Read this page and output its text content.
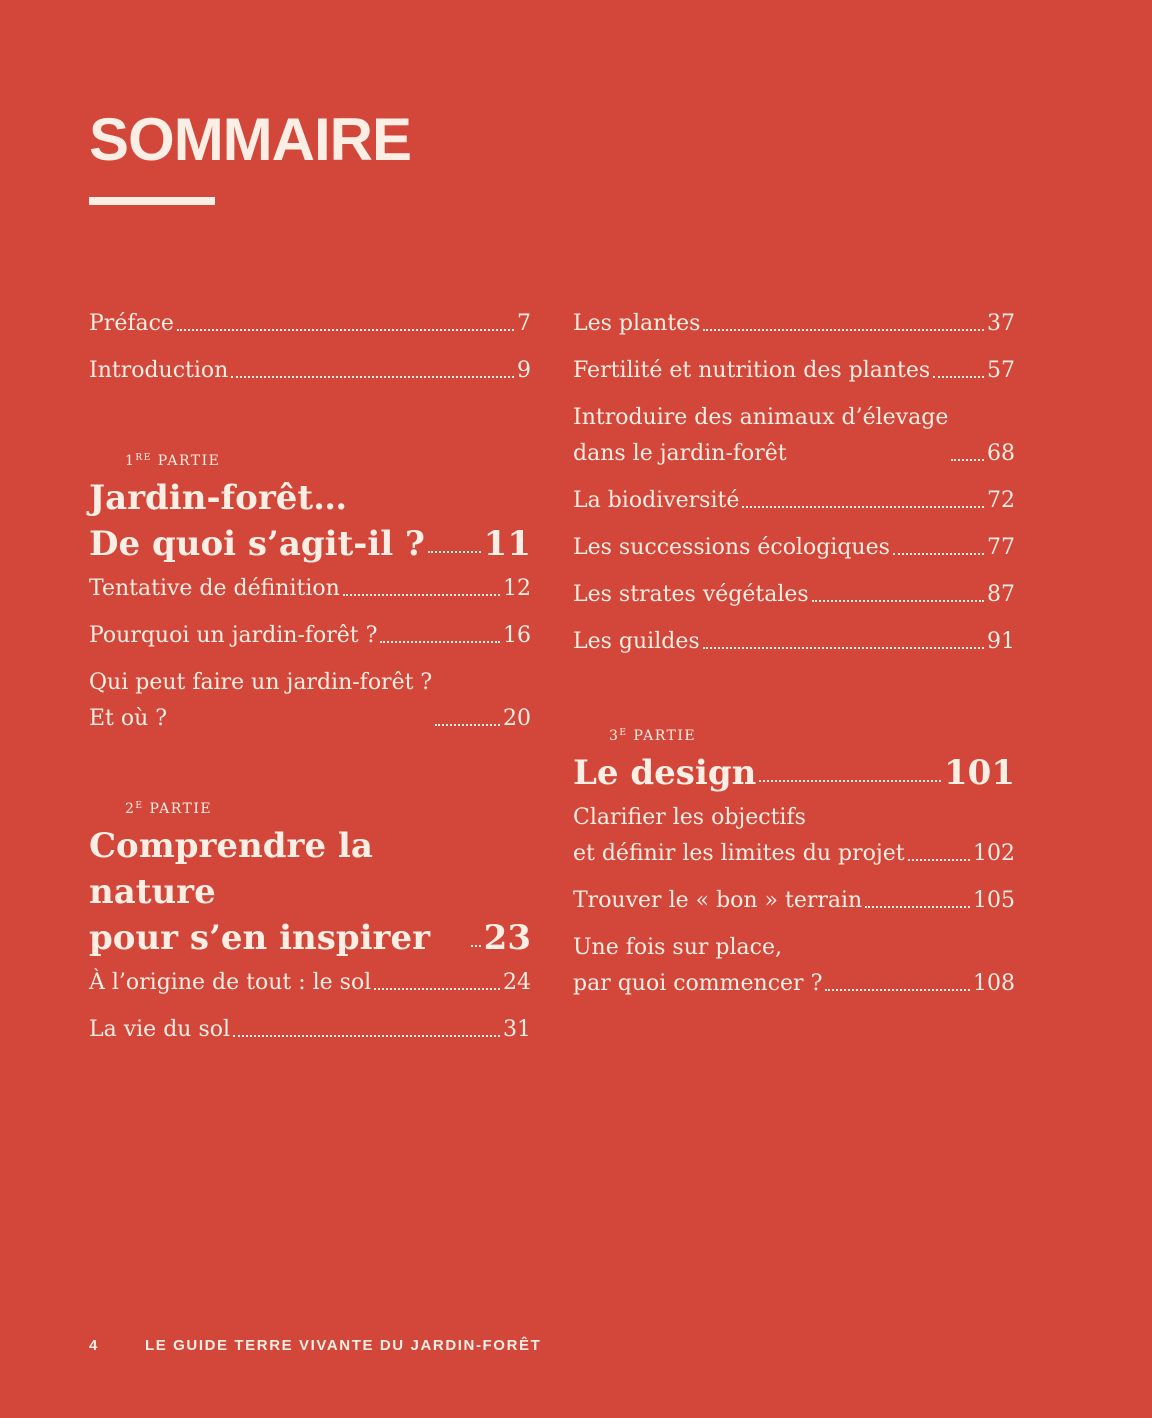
SOMMAIRE
Préface	7
Introduction	9
1RE PARTIE
Jardin-forêt…
De quoi s’agit-il ? 11
Tentative de définition	12
Pourquoi un jardin-forêt ?	16
Qui peut faire un jardin-forêt ?
Et où ?	20
$2^E$ PARTIE
Comprendre la nature
pour s’en inspirer	23
À l’origine de tout : le sol	24
La vie du sol	31
Les plantes	37
Fertilité et nutrition des plantes	57
Introduire des animaux d’élevage
dans le jardin-forêt	68
La biodiversité	72
Les successions écologiques	77
Les strates végétales	87
Les guildes	91
$3^E$ PARTIE
Le design	101
Clarifier les objectifs
et définir les limites du projet	102
Trouver le « bon » terrain	105
Une fois sur place,
par quoi commencer ?	108
4	LE GUIDE TERRE VIVANTE DU JARDIN-FORÊT
